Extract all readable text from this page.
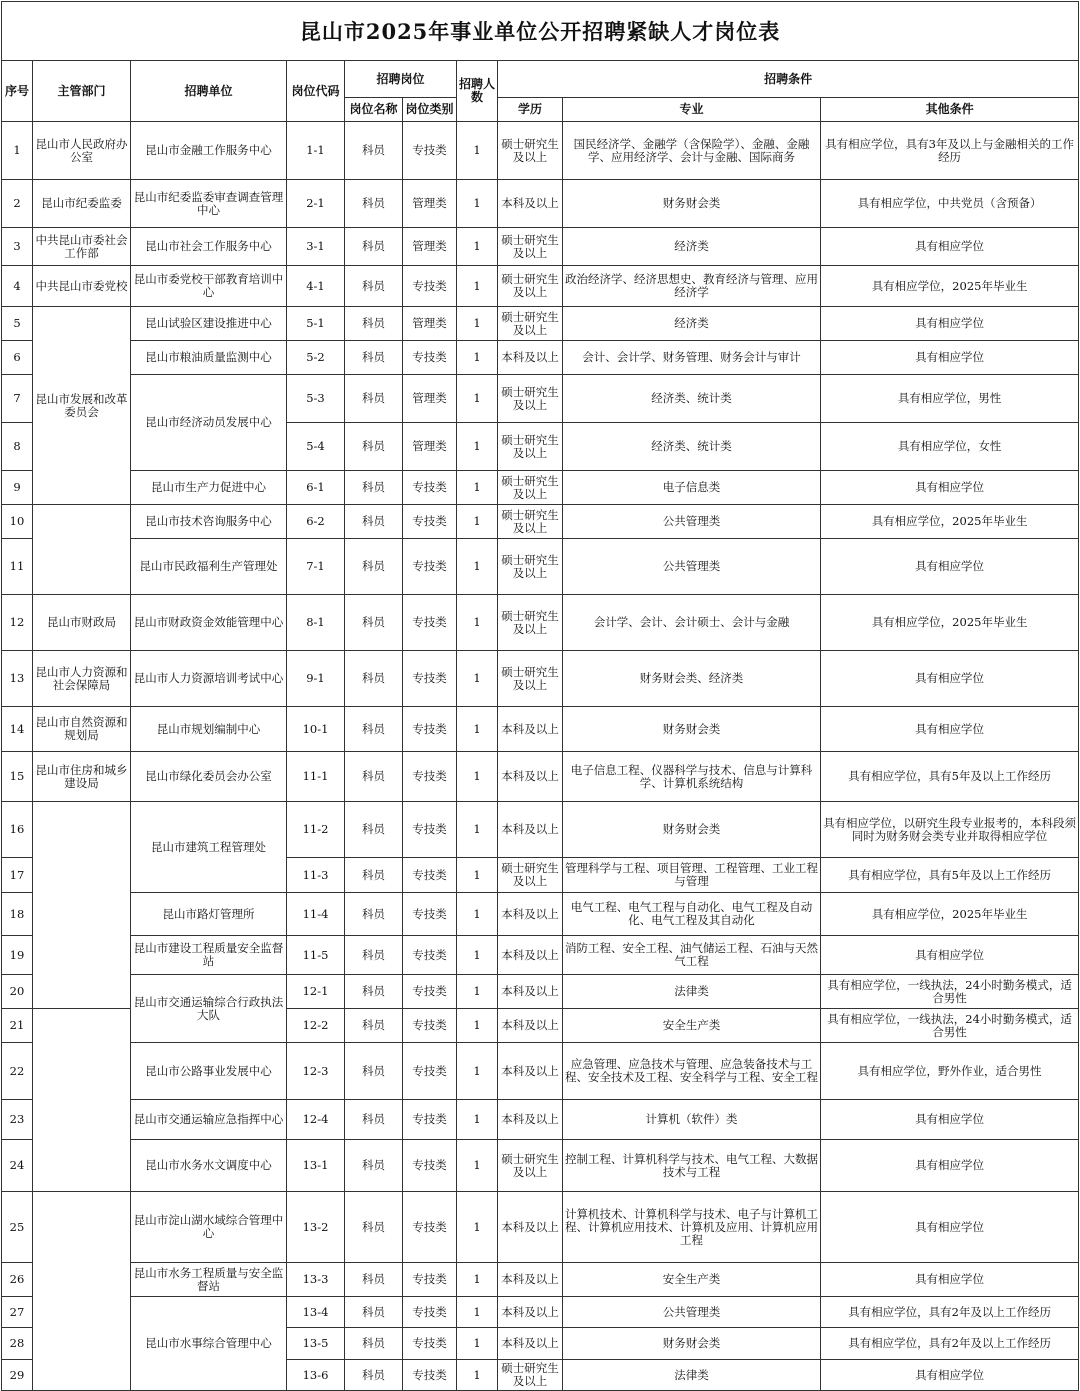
昆山市2025年事业单位公开招聘紧缺人才岗位表									
序号	主管部门	招聘单位	岗位代码	招聘岗位		招聘人数	招聘条件		
				岗位名称	岗位类别		学历	专业	其他条件
1	昆山市人民政府办公室	昆山市金融工作服务中心	1-1	科员	专技类	1	硕士研究生及以上	国民经济学、金融学（含保险学）、金融、金融学、应用经济学、会计与金融、国际商务	具有相应学位，具有3年及以上与金融相关的工作经历
2	昆山市纪委监委	昆山市纪委监委审查调查管理中心	2-1	科员	管理类	1	本科及以上	财务财会类	具有相应学位，中共党员（含预备）
3	中共昆山市委社会工作部	昆山市社会工作服务中心	3-1	科员	管理类	1	硕士研究生及以上	经济类	具有相应学位
4	中共昆山市委党校	昆山市委党校干部教育培训中心	4-1	科员	专技类	1	硕士研究生及以上	政治经济学、经济思想史、教育经济与管理、应用经济学	具有相应学位，2025年毕业生
5	昆山市发展和改革委员会	昆山试验区建设推进中心	5-1	科员	管理类	1	硕士研究生及以上	经济类	具有相应学位
6		昆山市粮油质量监测中心	5-2	科员	专技类	1	本科及以上	会计、会计学、财务管理、财务会计与审计	具有相应学位
7		昆山市经济动员发展中心	5-3	科员	管理类	1	硕士研究生及以上	经济类、统计类	具有相应学位，男性
8			5-4	科员	管理类	1	硕士研究生及以上	经济类、统计类	具有相应学位，女性
9		昆山市生产力促进中心	6-1	科员	专技类	1	硕士研究生及以上	电子信息类	具有相应学位
10		昆山市技术咨询服务中心	6-2	科员	专技类	1	硕士研究生及以上	公共管理类	具有相应学位，2025年毕业生
11		昆山市民政福利生产管理处	7-1	科员	专技类	1	硕士研究生及以上	公共管理类	具有相应学位
12	昆山市财政局	昆山市财政资金效能管理中心	8-1	科员	专技类	1	硕士研究生及以上	会计学、会计、会计硕士、会计与金融	具有相应学位，2025年毕业生
13	昆山市人力资源和社会保障局	昆山市人力资源培训考试中心	9-1	科员	专技类	1	硕士研究生及以上	财务财会类、经济类	具有相应学位
14	昆山市自然资源和规划局	昆山市规划编制中心	10-1	科员	专技类	1	本科及以上	财务财会类	具有相应学位
15	昆山市住房和城乡建设局	昆山市绿化委员会办公室	11-1	科员	专技类	1	本科及以上	电子信息工程、仪器科学与技术、信息与计算科学、计算机系统结构	具有相应学位，具有5年及以上工作经历
16		昆山市建筑工程管理处	11-2	科员	专技类	1	本科及以上	财务财会类	具有相应学位，以研究生段专业报考的，本科段须同时为财务财会类专业并取得相应学位
17			11-3	科员	专技类	1	硕士研究生及以上	管理科学与工程、项目管理、工程管理、工业工程与管理	具有相应学位，具有5年及以上工作经历
18		昆山市路灯管理所	11-4	科员	专技类	1	本科及以上	电气工程、电气工程与自动化、电气工程及自动化、电气工程及其自动化	具有相应学位，2025年毕业生
19		昆山市建设工程质量安全监督站	11-5	科员	专技类	1	本科及以上	消防工程、安全工程、油气储运工程、石油与天然气工程	具有相应学位
20		昆山市交通运输综合行政执法大队	12-1	科员	专技类	1	本科及以上	法律类	具有相应学位，一线执法，24小时勤务模式，适合男性
21			12-2	科员	专技类	1	本科及以上	安全生产类	具有相应学位，一线执法，24小时勤务模式，适合男性
22		昆山市公路事业发展中心	12-3	科员	专技类	1	本科及以上	应急管理、应急技术与管理、应急装备技术与工程、安全技术及工程、安全科学与工程、安全工程	具有相应学位，野外作业，适合男性
23		昆山市交通运输应急指挥中心	12-4	科员	专技类	1	本科及以上	计算机（软件）类	具有相应学位
24		昆山市水务水文调度中心	13-1	科员	专技类	1	硕士研究生及以上	控制工程、计算机科学与技术、电气工程、大数据技术与工程	具有相应学位
25		昆山市淀山湖水域综合管理中心	13-2	科员	专技类	1	本科及以上	计算机技术、计算机科学与技术、电子与计算机工程、计算机应用技术、计算机及应用、计算机应用工程	具有相应学位
26		昆山市水务工程质量与安全监督站	13-3	科员	专技类	1	本科及以上	安全生产类	具有相应学位
27		昆山市水事综合管理中心	13-4	科员	专技类	1	本科及以上	公共管理类	具有相应学位，具有2年及以上工作经历
28			13-5	科员	专技类	1	本科及以上	财务财会类	具有相应学位，具有2年及以上工作经历
29			13-6	科员	专技类	1	硕士研究生及以上	法律类	具有相应学位
